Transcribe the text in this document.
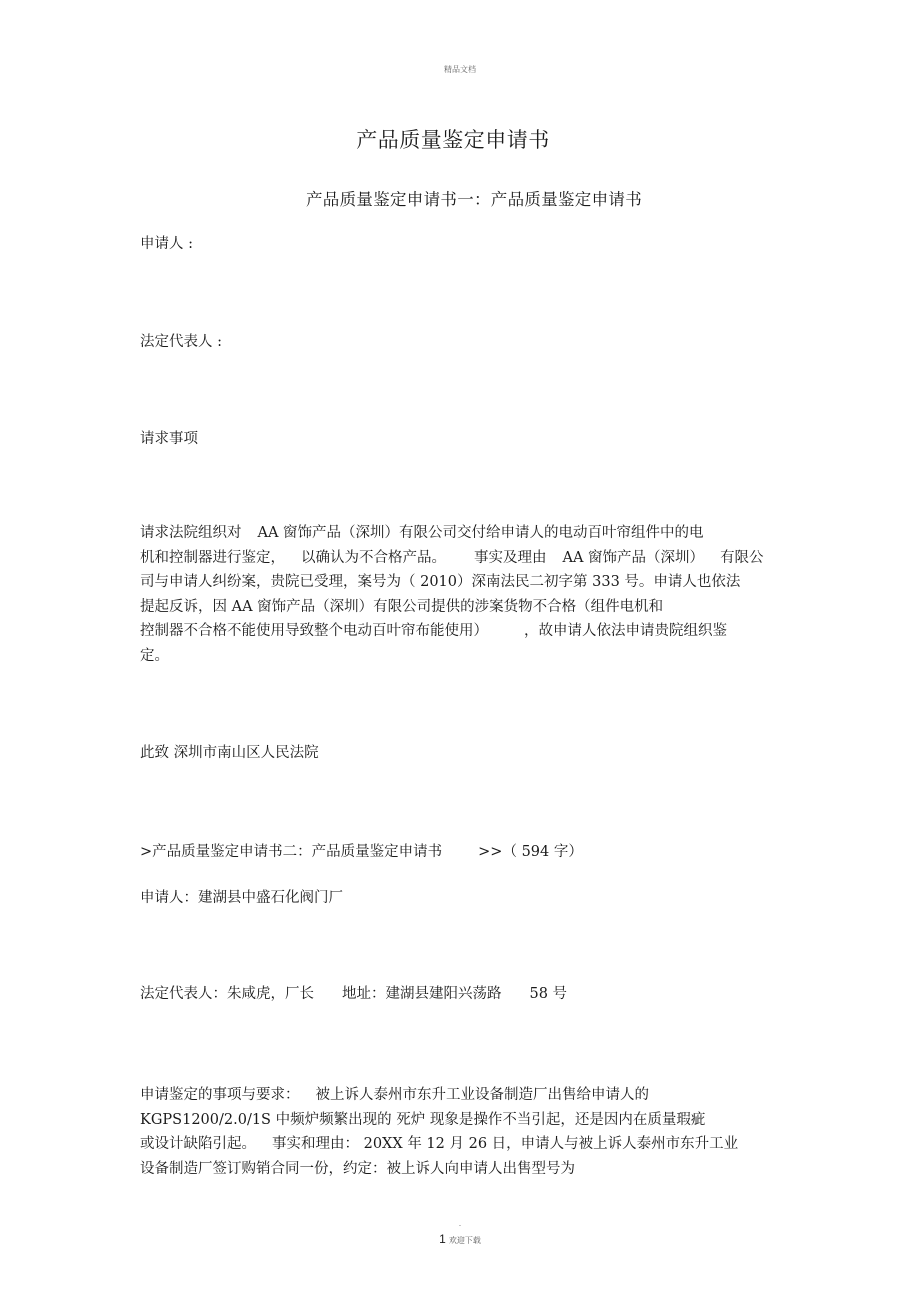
精品文档
产品质量鉴定申请书
产品质量鉴定申请书一：产品质量鉴定申请书
申请人 :
法定代表人 :
请求事项
请求法院组织对 AA 窗饰产品（深圳）有限公司交付给申请人的电动百叶帘组件中的电
机和控制器进行鉴定， 以确认为不合格产品。 事实及理由 AA 窗饰产品（深圳） 有限公
司与申请人纠纷案，贵院已受理，案号为（ 2010）深南法民二初字第 333 号。申请人也依法
提起反诉，因 AA 窗饰产品（深圳）有限公司提供的涉案货物不合格（组件电机和
控制器不合格不能使用导致整个电动百叶帘布能使用） ，故申请人依法申请贵院组织鉴
定。
此致 深圳市南山区人民法院
>产品质量鉴定申请书二：产品质量鉴定申请书 >>（ 594 字）
申请人：建湖县中盛石化阀门厂
法定代表人：朱咸虎，厂长 地址：建湖县建阳兴荡路 58 号
申请鉴定的事项与要求： 被上诉人泰州市东升工业设备制造厂出售给申请人的
KGPS1200/2.0/1S 中频炉频繁出现的 死炉 现象是操作不当引起，还是因内在质量瑕疵
或设计缺陷引起。 事实和理由： 20XX 年 12 月 26 日，申请人与被上诉人泰州市东升工业
设备制造厂签订购销合同一份，约定：被上诉人向申请人出售型号为
.
1 欢迎下载
